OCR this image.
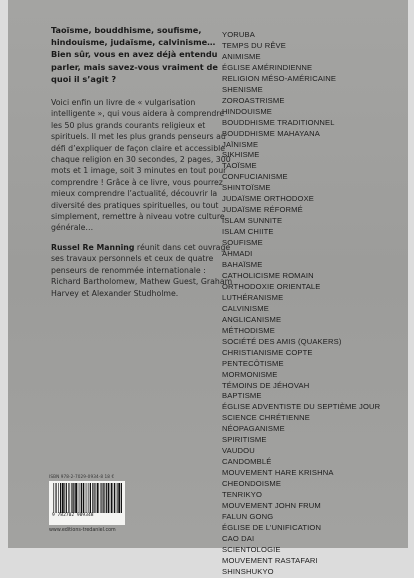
Taoïsme, bouddhisme, soufisme, hindouisme, judaïsme, calvinisme… Bien sûr, vous en avez déjà entendu parler, mais savez-vous vraiment de quoi il s’agit ?

Voici enfin un livre de « vulgarisation intelligente », qui vous aidera à comprendre les 50 plus grands courants religieux et spirituels. Il met les plus grands penseurs au défi d’expliquer de façon claire et accessible chaque religion en 30 secondes, 2 pages, 300 mots et 1 image, soit 3 minutes en tout pour comprendre ! Grâce à ce livre, vous pourrez mieux comprendre l’actualité, découvrir la diversité des pratiques spirituelles, ou tout simplement, remettre à niveau votre culture générale…

Russel Re Manning réunit dans cet ouvrage ses travaux personnels et ceux de quatre penseurs de renommée internationale : Richard Bartholomew, Mathew Guest, Graham Harvey et Alexander Studholme.

ISBN 978-2-7029-0934-8 18 €
9 782702 909348
www.editions-tredaniel.com
YORUBA
TEMPS DU RÊVE
ANIMISME
ÉGLISE AMÉRINDIENNE
RELIGION MÉSO-AMÉRICAINE
SHENISME
ZOROASTRISME
HINDOUISME
BOUDDHISME TRADITIONNEL
BOUDDHISME MAHAYANA
JAÏNISME
SIKHISME
TAOÏSME
CONFUCIANISME
SHINTOÏSME
JUDAÏSME ORTHODOXE
JUDAÏSME RÉFORMÉ
ISLAM SUNNITE
ISLAM CHIITE
SOUFISME
AHMADI
BAHAÏSME
CATHOLICISME ROMAIN
ORTHODOXIE ORIENTALE
LUTHÉRANISME
CALVINISME
ANGLICANISME
MÉTHODISME
SOCIÉTÉ DES AMIS (QUAKERS)
CHRISTIANISME COPTE
PENTECÔTISME
MORMONISME
TÉMOINS DE JÉHOVAH
BAPTISME
ÉGLISE ADVENTISTE DU SEPTIÈME JOUR
SCIENCE CHRÉTIENNE
NÉOPAGANISME
SPIRITISME
VAUDOU
CANDOMBLÉ
MOUVEMENT HARE KRISHNA
CHEONDOISME
TENRIKYO
MOUVEMENT JOHN FRUM
FALUN GONG
ÉGLISE DE L’UNIFICATION
CAO DAI
SCIENTOLOGIE
MOUVEMENT RASTAFARI
SHINSHUKYO
